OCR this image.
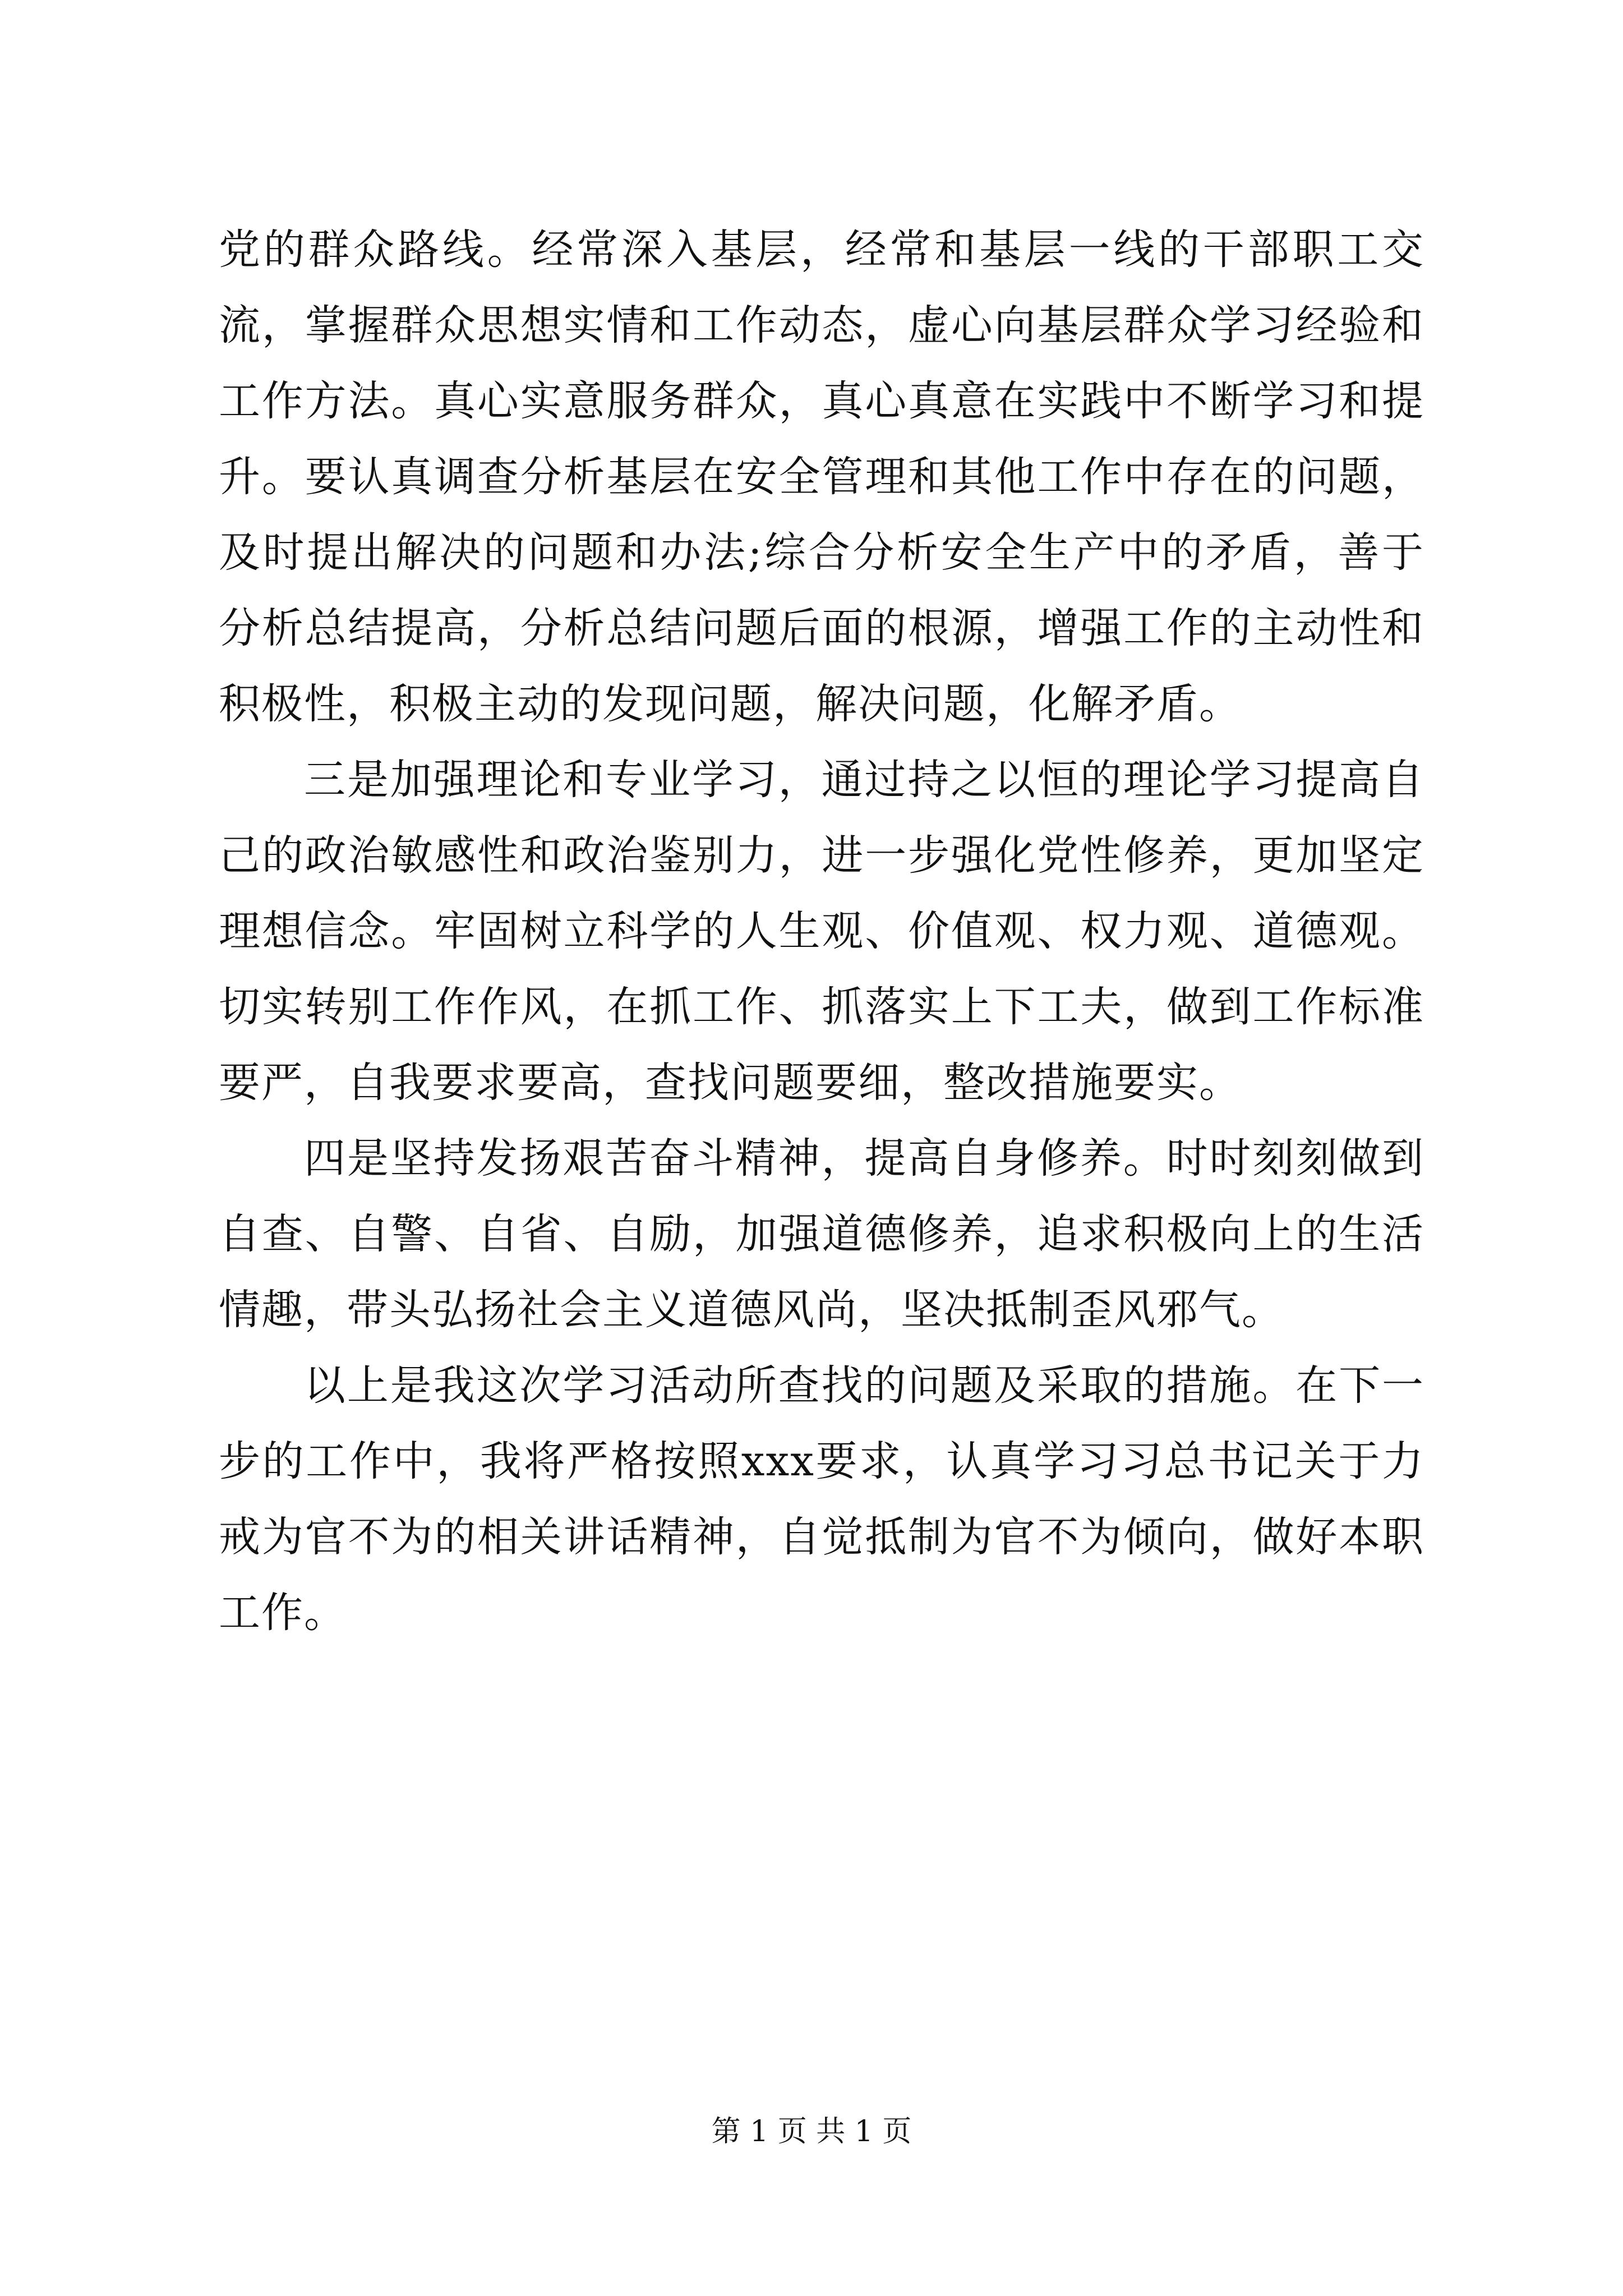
党的群众路线。经常深入基层，经常和基层一线的干部职工交流，掌握群众思想实情和工作动态，虚心向基层群众学习经验和工作方法。真心实意服务群众，真心真意在实践中不断学习和提升。要认真调查分析基层在安全管理和其他工作中存在的问题，及时提出解决的问题和办法;综合分析安全生产中的矛盾，善于分析总结提高，分析总结问题后面的根源，增强工作的主动性和积极性，积极主动的发现问题，解决问题，化解矛盾。

三是加强理论和专业学习，通过持之以恒的理论学习提高自己的政治敏感性和政治鉴别力，进一步强化党性修养，更加坚定理想信念。牢固树立科学的人生观、价值观、权力观、道德观。切实转别工作作风，在抓工作、抓落实上下工夫，做到工作标准要严，自我要求要高，查找问题要细，整改措施要实。

四是坚持发扬艰苦奋斗精神，提高自身修养。时时刻刻做到自查、自警、自省、自励，加强道德修养，追求积极向上的生活情趣，带头弘扬社会主义道德风尚，坚决抵制歪风邪气。

以上是我这次学习活动所查找的问题及采取的措施。在下一步的工作中，我将严格按照xxx要求，认真学习习总书记关于力戒为官不为的相关讲话精神，自觉抵制为官不为倾向，做好本职工作。

第 1 页 共 1 页
